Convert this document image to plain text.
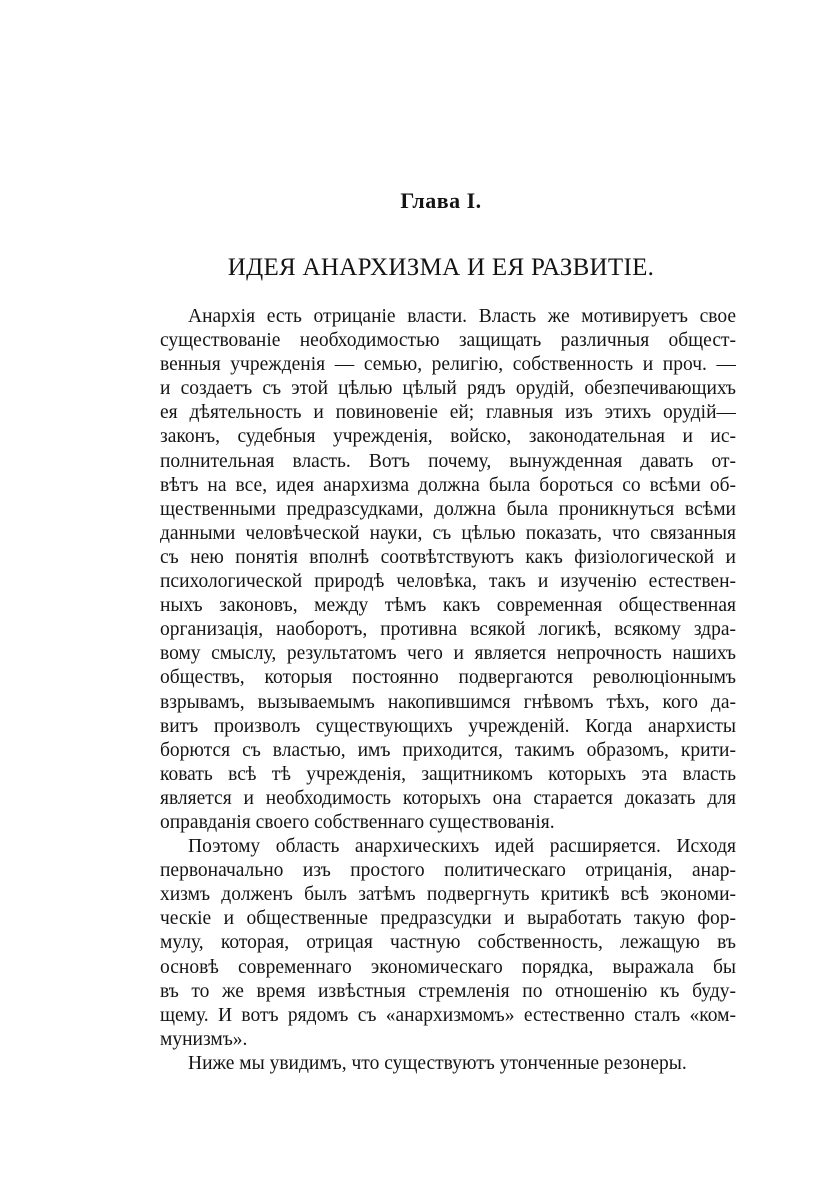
Глава I.
ИДЕЯ АНАРХИЗМА И ЕЯ РАЗВИТІЕ.
Анархія есть отрицаніе власти. Власть же мотивируетъ свое
существованіе необходимостью защищать различныя общест-
венныя учрежденія — семью, религію, собственность и проч. —
и создаетъ съ этой цѣлью цѣлый рядъ орудій, обезпечивающихъ
ея дѣятельность и повиновеніе ей; главныя изъ этихъ орудій—
законъ, судебныя учрежденія, войско, законодательная и ис-
полнительная власть. Вотъ почему, вынужденная давать от-
вѣтъ на все, идея анархизма должна была бороться со всѣми об-
щественными предразсудками, должна была проникнуться всѣми
данными человѣческой науки, съ цѣлью показать, что связанныя
съ нею понятія вполнѣ соотвѣтствуютъ какъ физіологической и
психологической природѣ человѣка, такъ и изученію естествен-
ныхъ законовъ, между тѣмъ какъ современная общественная
организація, наоборотъ, противна всякой логикѣ, всякому здра-
вому смыслу, результатомъ чего и является непрочность нашихъ
обществъ, которыя постоянно подвергаются революціоннымъ
взрывамъ, вызываемымъ накопившимся гнѣвомъ тѣхъ, кого да-
витъ произволъ существующихъ учрежденій. Когда анархисты
борются съ властью, имъ приходится, такимъ образомъ, крити-
ковать всѣ тѣ учрежденія, защитникомъ которыхъ эта власть
является и необходимость которыхъ она старается доказать для
оправданія своего собственнаго существованія.
Поэтому область анархическихъ идей расширяется. Исходя
первоначально изъ простого политическаго отрицанія, анар-
хизмъ долженъ былъ затѣмъ подвергнуть критикѣ всѣ экономи-
ческіе и общественные предразсудки и выработать такую фор-
мулу, которая, отрицая частную собственность, лежащую въ
основѣ современнаго экономическаго порядка, выражала бы
въ то же время извѣстныя стремленія по отношенію къ буду-
щему. И вотъ рядомъ съ «анархизмомъ» естественно сталъ «ком-
мунизмъ».
Ниже мы увидимъ, что существуютъ утонченные резонеры.
